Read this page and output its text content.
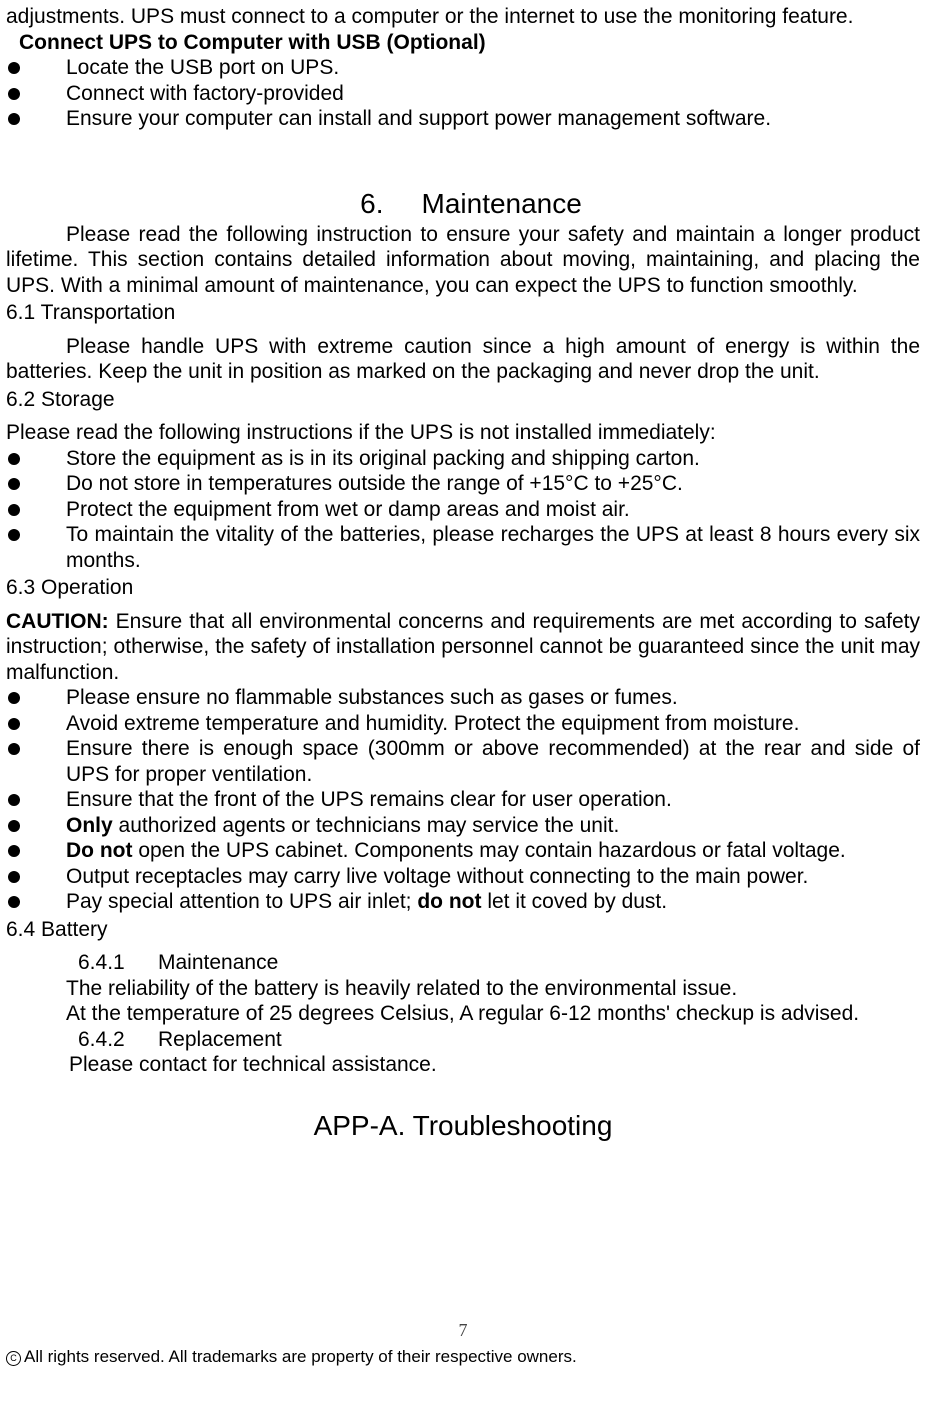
adjustments. UPS must connect to a computer or the internet to use the monitoring feature.

Connect UPS to Computer with USB (Optional)

Locate the USB port on UPS.
Connect with factory-provided
Ensure your computer can install and support power management software.
6. Maintenance

Please read the following instruction to ensure your safety and maintain a longer product lifetime. This section contains detailed information about moving, maintaining, and placing the UPS. With a minimal amount of maintenance, you can expect the UPS to function smoothly.

6.1 Transportation

Please handle UPS with extreme caution since a high amount of energy is within the batteries. Keep the unit in position as marked on the packaging and never drop the unit.

6.2 Storage

Please read the following instructions if the UPS is not installed immediately:

Store the equipment as is in its original packing and shipping carton.
Do not store in temperatures outside the range of +15°C to +25°C.
Protect the equipment from wet or damp areas and moist air.
To maintain the vitality of the batteries, please recharges the UPS at least 8 hours every six months.

6.3 Operation

CAUTION: Ensure that all environmental concerns and requirements are met according to safety instruction; otherwise, the safety of installation personnel cannot be guaranteed since the unit may malfunction.

Please ensure no flammable substances such as gases or fumes.
Avoid extreme temperature and humidity. Protect the equipment from moisture.
Ensure there is enough space (300mm or above recommended) at the rear and side of UPS for proper ventilation.
Ensure that the front of the UPS remains clear for user operation.
Only authorized agents or technicians may service the unit.
Do not open the UPS cabinet. Components may contain hazardous or fatal voltage.
Output receptacles may carry live voltage without connecting to the main power.
Pay special attention to UPS air inlet; do not let it coved by dust.

6.4 Battery

6.4.1 Maintenance

The reliability of the battery is heavily related to the environmental issue.

At the temperature of 25 degrees Celsius, A regular 6-12 months' checkup is advised.

6.4.2 Replacement

Please contact for technical assistance.

APP-A. Troubleshooting
7
C All rights reserved. All trademarks are property of their respective owners.
